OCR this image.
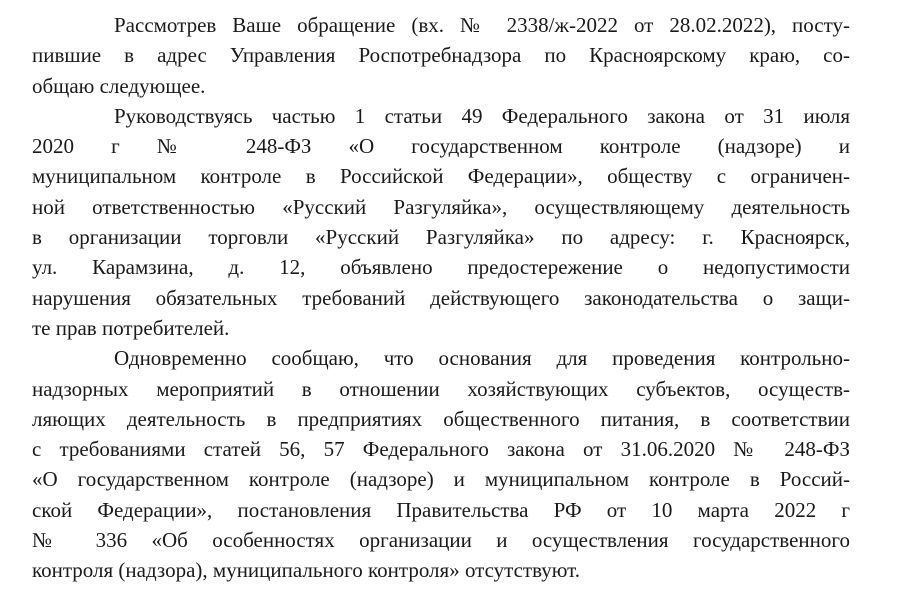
Рассмотрев Ваше обращение (вх. № 2338/ж-2022 от 28.02.2022), посту-
пившие в адрес Управления Роспотребнадзора по Красноярскому краю, со-
общаю следующее.
Руководствуясь частью 1 статьи 49 Федерального закона от 31 июля
2020 г № 248-ФЗ «О государственном контроле (надзоре) и
муниципальном контроле в Российской Федерации», обществу с ограничен-
ной ответственностью «Русский Разгуляйка», осуществляющему деятельность
в организации торговли «Русский Разгуляйка» по адресу: г. Красноярск,
ул. Карамзина, д. 12, объявлено предостережение о недопустимости
нарушения обязательных требований действующего законодательства о защи-
те прав потребителей.
Одновременно сообщаю, что основания для проведения контрольно-
надзорных мероприятий в отношении хозяйствующих субъектов, осуществ-
ляющих деятельность в предприятиях общественного питания, в соответствии
с требованиями статей 56, 57 Федерального закона от 31.06.2020 № 248-ФЗ
«О государственном контроле (надзоре) и муниципальном контроле в Россий-
ской Федерации», постановления Правительства РФ от 10 марта 2022 г
№ 336 «Об особенностях организации и осуществления государственного
контроля (надзора), муниципального контроля» отсутствуют.
